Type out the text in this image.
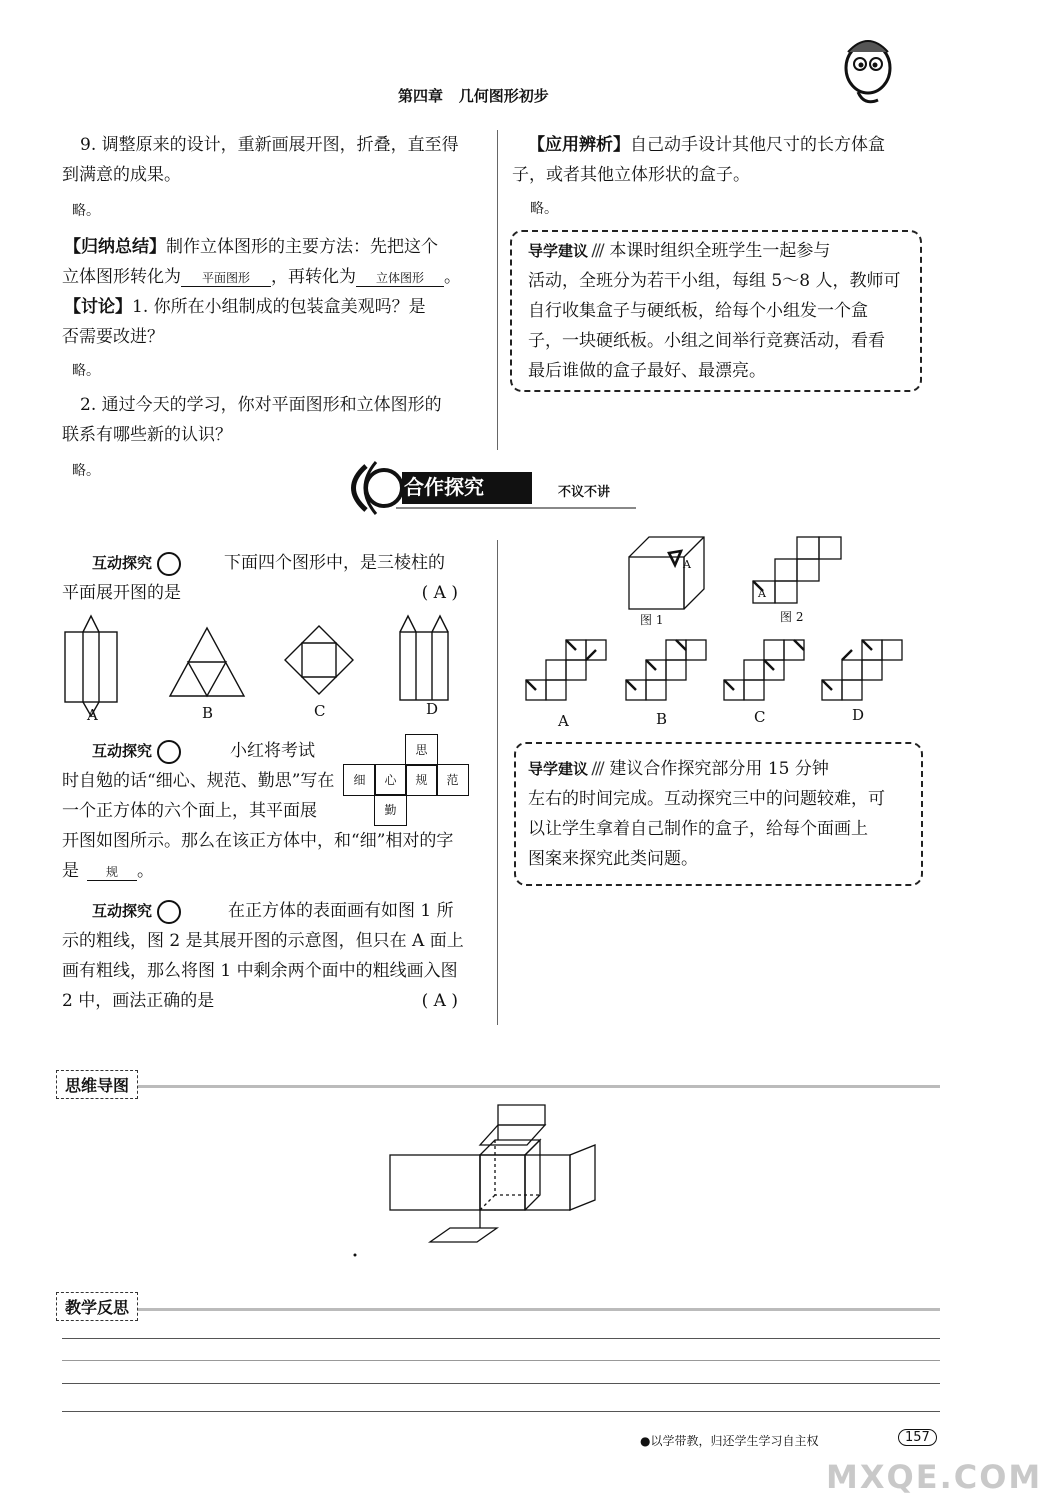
第四章 几何图形初步
9. 调整原来的设计，重新画展开图，折叠，直至得
到满意的成果。
略。
【归纳总结】制作立体图形的主要方法：先把这个
立体图形转化为 平面图形 ，再转化为 立体图形 。
【讨论】1. 你所在小组制成的包装盒美观吗？是
否需要改进？
略。
2. 通过今天的学习，你对平面图形和立体图形的
联系有哪些新的认识？
略。
【应用辨析】自己动手设计其他尺寸的长方体盒
子，或者其他立体形状的盒子。
略。
导学建议 ///  本课时组织全班学生一起参与
活动，全班分为若干小组，每组 5～8 人，教师可
自行收集盒子与硬纸板，给每个小组发一个盒
子，一块硬纸板。小组之间举行竞赛活动，看看
最后谁做的盒子最好、最漂亮。
合作探究	不议不讲
互动探究	下面四个图形中，是三棱柱的
平面展开图的是	( A )
A	B	C	D
互动探究	小红将考试
时自勉的话“细心、规范、勤思”写在
一个正方体的六个面上，其平面展
开图如图所示。那么在该正方体中，和“细”相对的字
是 规 。
思
细	心	规	范
勤
互动探究	在正方体的表面画有如图 1 所
示的粗线，图 2 是其展开图的示意图，但只在 A 面上
画有粗线，那么将图 1 中剩余两个面中的粗线画入图
2 中，画法正确的是	( A )
A
A
图 1	图 2
A	B	C	D
导学建议 ///  建议合作探究部分用 15 分钟
左右的时间完成。互动探究三中的问题较难，可
以让学生拿着自己制作的盒子，给每个面画上
图案来探究此类问题。
思维导图
教学反思
●以学带教，归还学生学习自主权	157
MXQE.COM
